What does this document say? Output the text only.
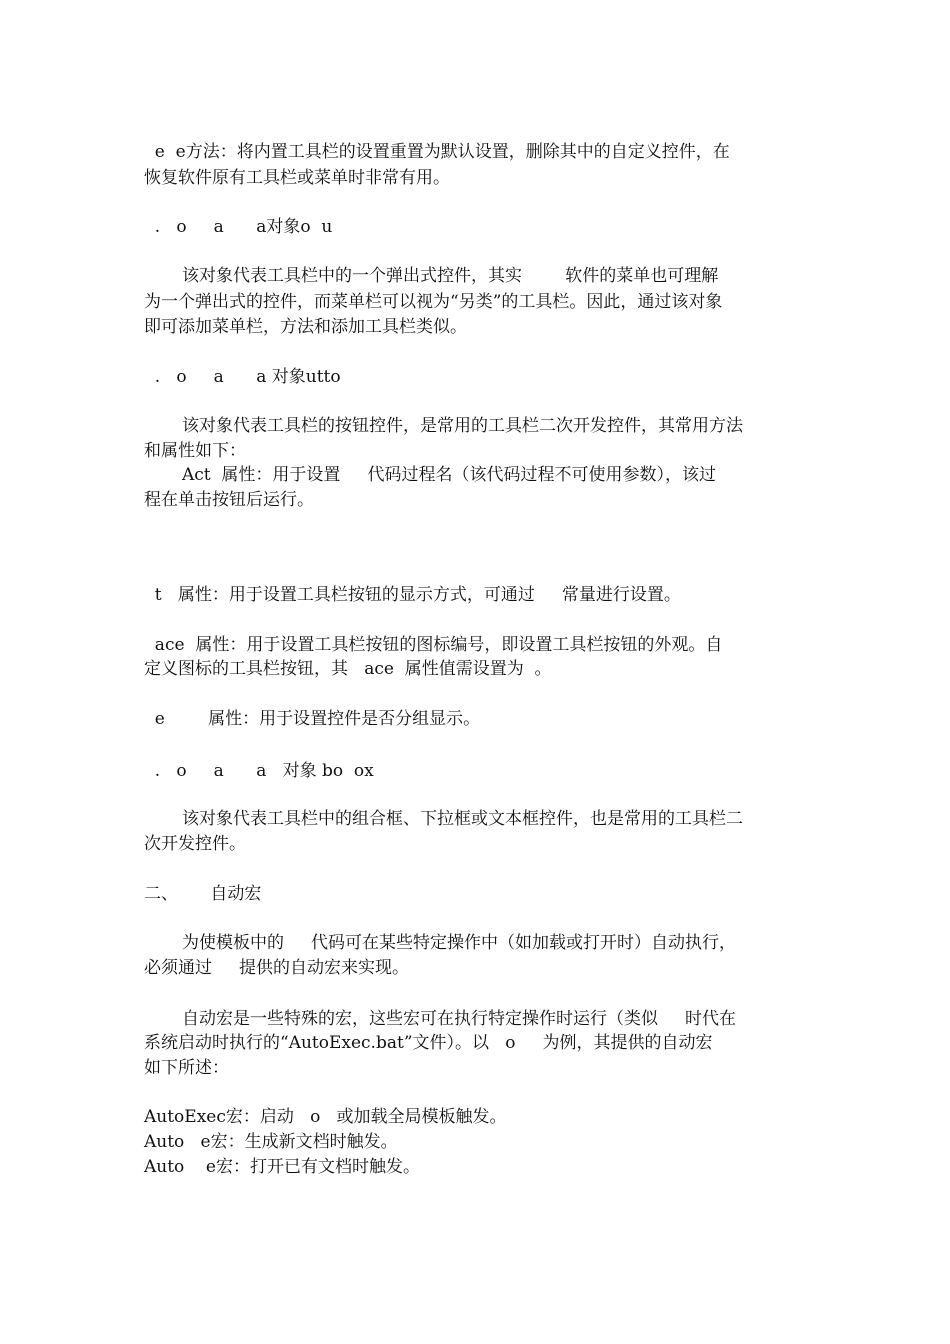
e  e方法：将内置工具栏的设置重置为默认设置，删除其中的自定义控件，在
恢复软件原有工具栏或菜单时非常有用。
.   o     a      a对象o  u
该对象代表工具栏中的一个弹出式控件，其实        软件的菜单也可理解
为一个弹出式的控件，而菜单栏可以视为“另类”的工具栏。因此，通过该对象
即可添加菜单栏，方法和添加工具栏类似。
.   o     a      a 对象utto
该对象代表工具栏的按钮控件，是常用的工具栏二次开发控件，其常用方法
和属性如下：
Act  属性：用于设置     代码过程名（该代码过程不可使用参数），该过
程在单击按钮后运行。
t   属性：用于设置工具栏按钮的显示方式，可通过     常量进行设置。
ace  属性：用于设置工具栏按钮的图标编号，即设置工具栏按钮的外观。自
定义图标的工具栏按钮，其   ace  属性值需设置为  。
e        属性：用于设置控件是否分组显示。
.   o     a      a   对象 bo  ox
该对象代表工具栏中的组合框、下拉框或文本框控件，也是常用的工具栏二
次开发控件。
二、      自动宏
为使模板中的     代码可在某些特定操作中（如加载或打开时）自动执行，
必须通过     提供的自动宏来实现。
自动宏是一些特殊的宏，这些宏可在执行特定操作时运行（类似     时代在
系统启动时执行的“AutoExec.bat”文件）。以   o     为例，其提供的自动宏
如下所述：
AutoExec宏：启动   o   或加载全局模板触发。
Auto   e宏：生成新文档时触发。
Auto    e宏：打开已有文档时触发。
